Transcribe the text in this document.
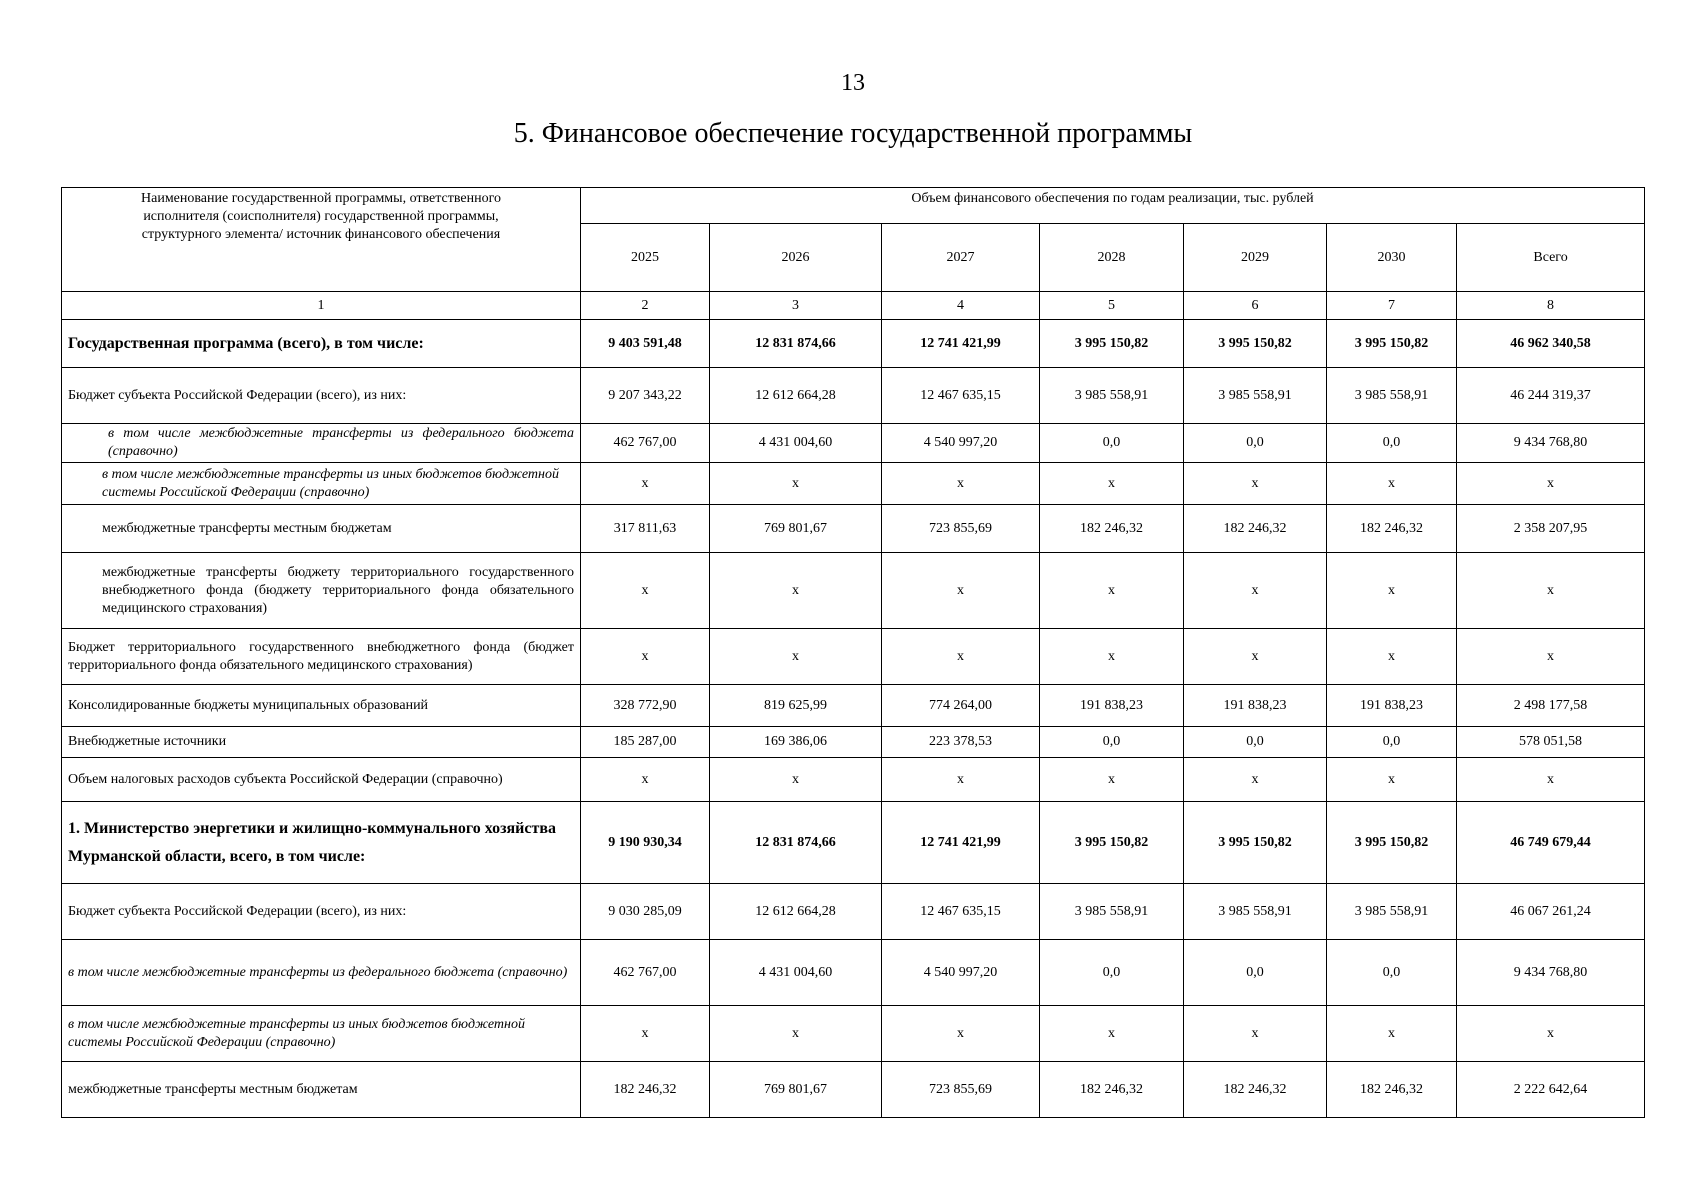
13
5. Финансовое обеспечение государственной программы
Наименование государственной программы, ответственного исполнителя (соисполнителя) государственной программы, структурного элемента/ источник финансового обеспечения	Объем финансового обеспечения по годам реализации, тыс. рублей						
	2025	2026	2027	2028	2029	2030	Всего
1	2	3	4	5	6	7	8
Государственная программа (всего), в том числе:	9 403 591,48	12 831 874,66	12 741 421,99	3 995 150,82	3 995 150,82	3 995 150,82	46 962 340,58
Бюджет субъекта Российской Федерации (всего), из них:	9 207 343,22	12 612 664,28	12 467 635,15	3 985 558,91	3 985 558,91	3 985 558,91	46 244 319,37
в том числе межбюджетные трансферты из федерального бюджета (справочно)	462 767,00	4 431 004,60	4 540 997,20	0,0	0,0	0,0	9 434 768,80
в том числе межбюджетные трансферты из иных бюджетов бюджетной системы Российской Федерации (справочно)	х	х	х	х	х	х	х
межбюджетные трансферты местным бюджетам	317 811,63	769 801,67	723 855,69	182 246,32	182 246,32	182 246,32	2 358 207,95
межбюджетные трансферты бюджету территориального государственного внебюджетного фонда (бюджету территориального фонда обязательного медицинского страхования)	х	х	х	х	х	х	х
Бюджет территориального государственного внебюджетного фонда (бюджет территориального фонда обязательного медицинского страхования)	х	х	х	х	х	х	х
Консолидированные бюджеты муниципальных образований	328 772,90	819 625,99	774 264,00	191 838,23	191 838,23	191 838,23	2 498 177,58
Внебюджетные источники	185 287,00	169 386,06	223 378,53	0,0	0,0	0,0	578 051,58
Объем налоговых расходов субъекта Российской Федерации (справочно)	х	х	х	х	х	х	х
1. Министерство энергетики и жилищно-коммунального хозяйства Мурманской области, всего, в том числе:	9 190 930,34	12 831 874,66	12 741 421,99	3 995 150,82	3 995 150,82	3 995 150,82	46 749 679,44
Бюджет субъекта Российской Федерации (всего), из них:	9 030 285,09	12 612 664,28	12 467 635,15	3 985 558,91	3 985 558,91	3 985 558,91	46 067 261,24
в том числе межбюджетные трансферты из федерального бюджета (справочно)	462 767,00	4 431 004,60	4 540 997,20	0,0	0,0	0,0	9 434 768,80
в том числе межбюджетные трансферты из иных бюджетов бюджетной системы Российской Федерации (справочно)	х	х	х	х	х	х	х
межбюджетные трансферты местным бюджетам	182 246,32	769 801,67	723 855,69	182 246,32	182 246,32	182 246,32	2 222 642,64
